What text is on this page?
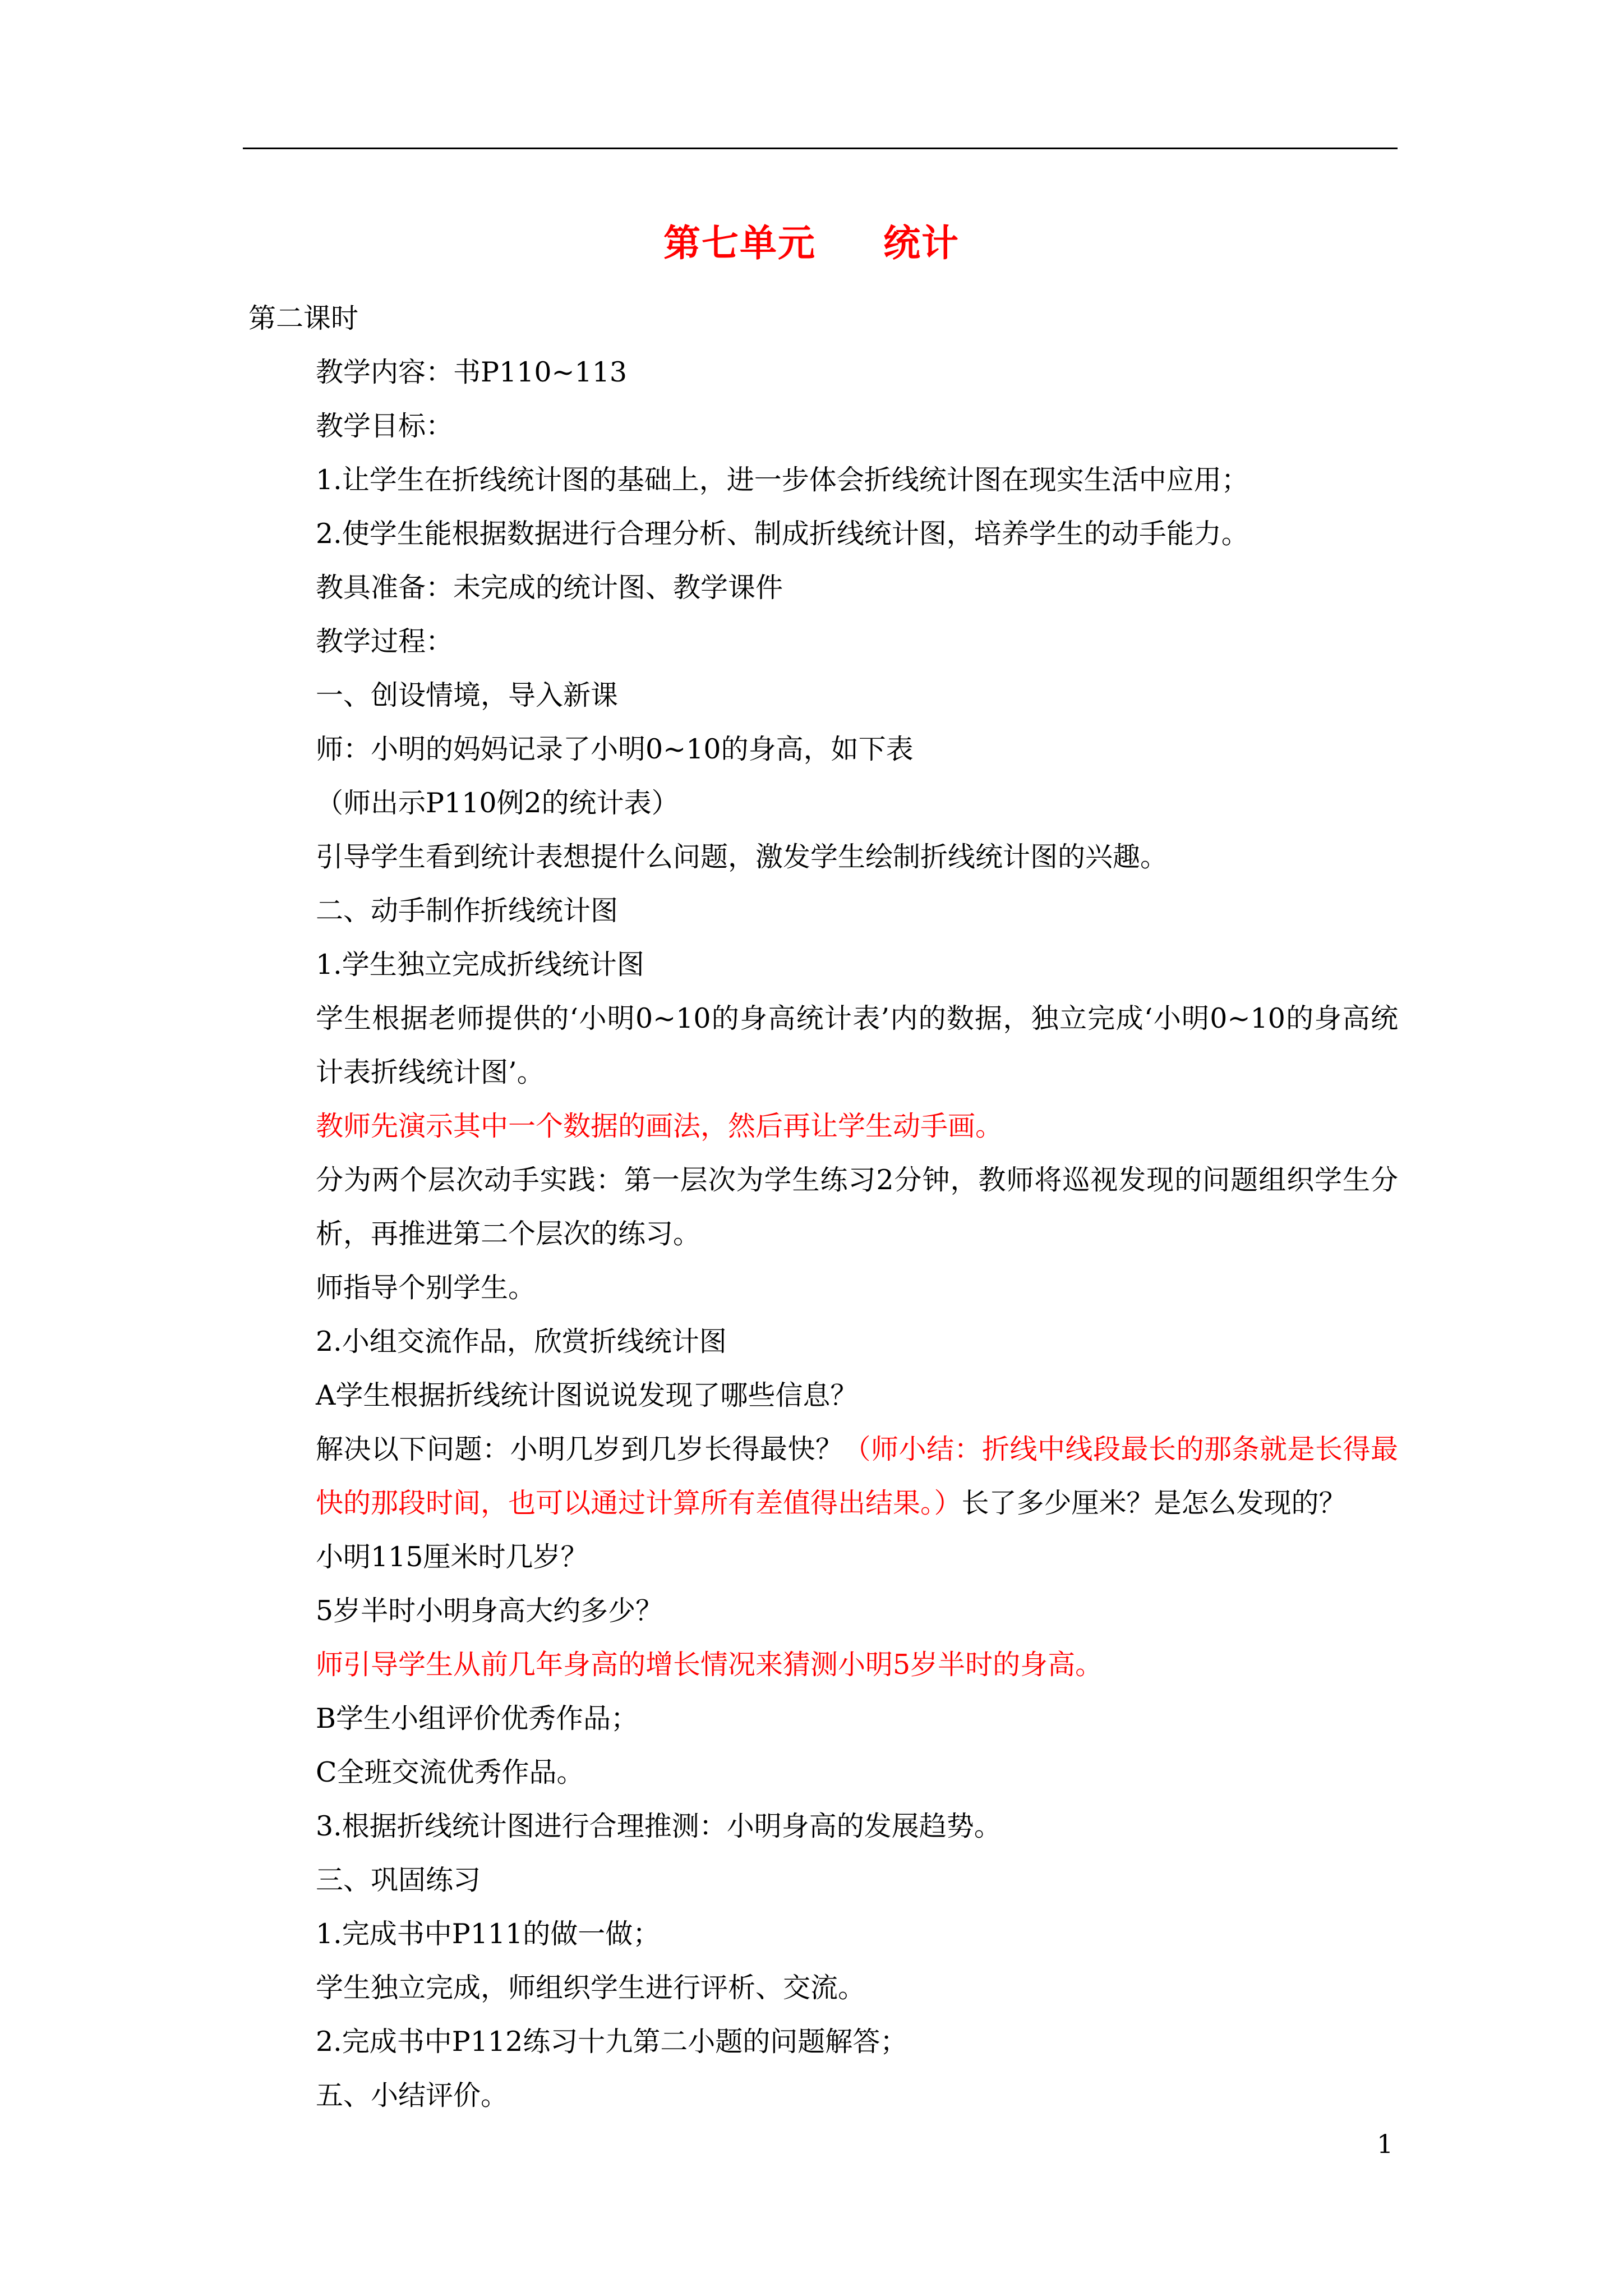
第七单元 统计

第二课时

教学内容：书P110~113

教学目标：

1.让学生在折线统计图的基础上，进一步体会折线统计图在现实生活中应用；

2.使学生能根据数据进行合理分析、制成折线统计图，培养学生的动手能力。

教具准备：未完成的统计图、教学课件

教学过程：

一、创设情境，导入新课

师：小明的妈妈记录了小明0~10的身高，如下表

（师出示P110例2的统计表）

引导学生看到统计表想提什么问题，激发学生绘制折线统计图的兴趣。

二、动手制作折线统计图

1.学生独立完成折线统计图

学生根据老师提供的‘小明0~10的身高统计表’内的数据，独立完成‘小明0~10的身高统计表折线统计图’。

教师先演示其中一个数据的画法，然后再让学生动手画。

分为两个层次动手实践：第一层次为学生练习2分钟，教师将巡视发现的问题组织学生分析，再推进第二个层次的练习。

师指导个别学生。

2.小组交流作品，欣赏折线统计图

A学生根据折线统计图说说发现了哪些信息？

解决以下问题：小明几岁到几岁长得最快？（师小结：折线中线段最长的那条就是长得最快的那段时间，也可以通过计算所有差值得出结果。）长了多少厘米？是怎么发现的？

小明115厘米时几岁？

5岁半时小明身高大约多少？

师引导学生从前几年身高的增长情况来猜测小明5岁半时的身高。

B学生小组评价优秀作品；

C全班交流优秀作品。

3.根据折线统计图进行合理推测：小明身高的发展趋势。

三、巩固练习

1.完成书中P111的做一做；

学生独立完成，师组织学生进行评析、交流。

2.完成书中P112练习十九第二小题的问题解答；

五、小结评价。

1
